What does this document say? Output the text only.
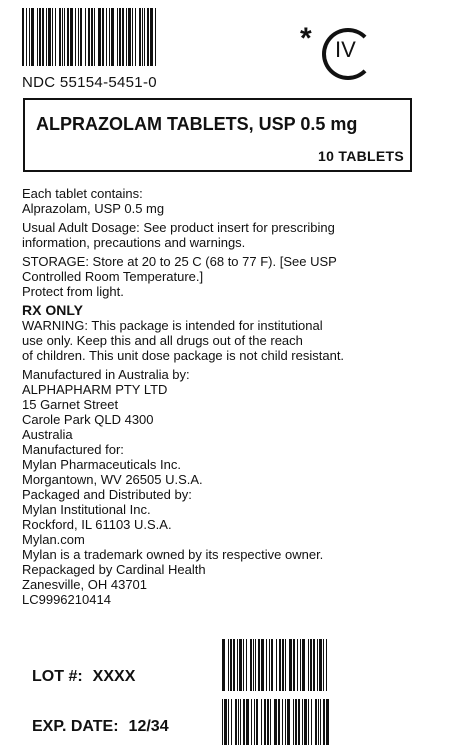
NDC 55154-5451-0
* IV
ALPRAZOLAM TABLETS, USP 0.5 mg
10 TABLETS
Each tablet contains:
Alprazolam, USP 0.5 mg
Usual Adult Dosage: See product insert for prescribing
information, precautions and warnings.
STORAGE: Store at 20 to 25 C (68 to 77 F). [See USP
Controlled Room Temperature.]
Protect from light.
RX ONLY
WARNING: This package is intended for institutional
use only. Keep this and all drugs out of the reach
of children. This unit dose package is not child resistant.
Manufactured in Australia by:
ALPHAPHARM PTY LTD
15 Garnet Street
Carole Park QLD 4300
Australia
Manufactured for:
Mylan Pharmaceuticals Inc.
Morgantown, WV 26505 U.S.A.
Packaged and Distributed by:
Mylan Institutional Inc.
Rockford, IL 61103 U.S.A.
Mylan.com
Mylan is a trademark owned by its respective owner.
Repackaged by Cardinal Health
Zanesville, OH 43701
LC9996210414
LOT #: XXXX
EXP. DATE: 12/34
